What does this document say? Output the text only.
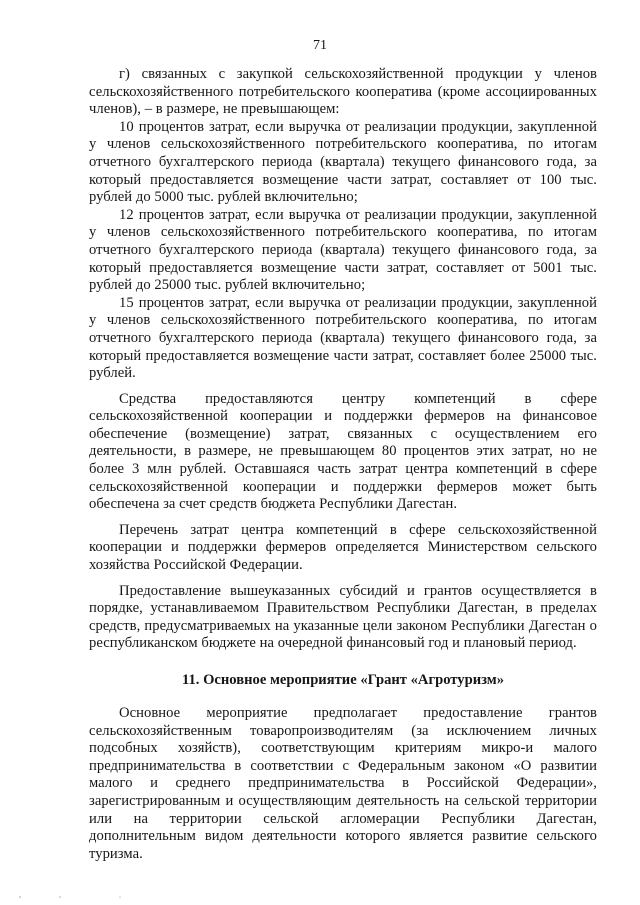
71

г) связанных с закупкой сельскохозяйственной продукции у членов сельскохозяйственного потребительского кооператива (кроме ассоциированных членов), – в размере, не превышающем:

10 процентов затрат, если выручка от реализации продукции, закупленной у членов сельскохозяйственного потребительского кооператива, по итогам отчетного бухгалтерского периода (квартала) текущего финансового года, за который предоставляется возмещение части затрат, составляет от 100 тыс. рублей до 5000 тыс. рублей включительно;

12 процентов затрат, если выручка от реализации продукции, закупленной у членов сельскохозяйственного потребительского кооператива, по итогам отчетного бухгалтерского периода (квартала) текущего финансового года, за который предоставляется возмещение части затрат, составляет от 5001 тыс. рублей до 25000 тыс. рублей включительно;

15 процентов затрат, если выручка от реализации продукции, закупленной у членов сельскохозяйственного потребительского кооператива, по итогам отчетного бухгалтерского периода (квартала) текущего финансового года, за который предоставляется возмещение части затрат, составляет более 25000 тыс. рублей.

Средства предоставляются центру компетенций в сфере сельскохозяйственной кооперации и поддержки фермеров на финансовое обеспечение (возмещение) затрат, связанных с осуществлением его деятельности, в размере, не превышающем 80 процентов этих затрат, но не более 3 млн рублей. Оставшаяся часть затрат центра компетенций в сфере сельскохозяйственной кооперации и поддержки фермеров может быть обеспечена за счет средств бюджета Республики Дагестан.

Перечень затрат центра компетенций в сфере сельскохозяйственной кооперации и поддержки фермеров определяется Министерством сельского хозяйства Российской Федерации.

Предоставление вышеуказанных субсидий и грантов осуществляется в порядке, устанавливаемом Правительством Республики Дагестан, в пределах средств, предусматриваемых на указанные цели законом Республики Дагестан о республиканском бюджете на очередной финансовый год и плановый период.

11. Основное мероприятие «Грант «Агротуризм»

Основное мероприятие предполагает предоставление грантов сельскохозяйственным товаропроизводителям (за исключением личных подсобных хозяйств), соответствующим критериям микро-и малого предпринимательства в соответствии с Федеральным законом «О развитии малого и среднего предпринимательства в Российской Федерации», зарегистрированным и осуществляющим деятельность на сельской территории или на территории сельской агломерации Республики Дагестан, дополнительным видом деятельности которого является развитие сельского туризма.
